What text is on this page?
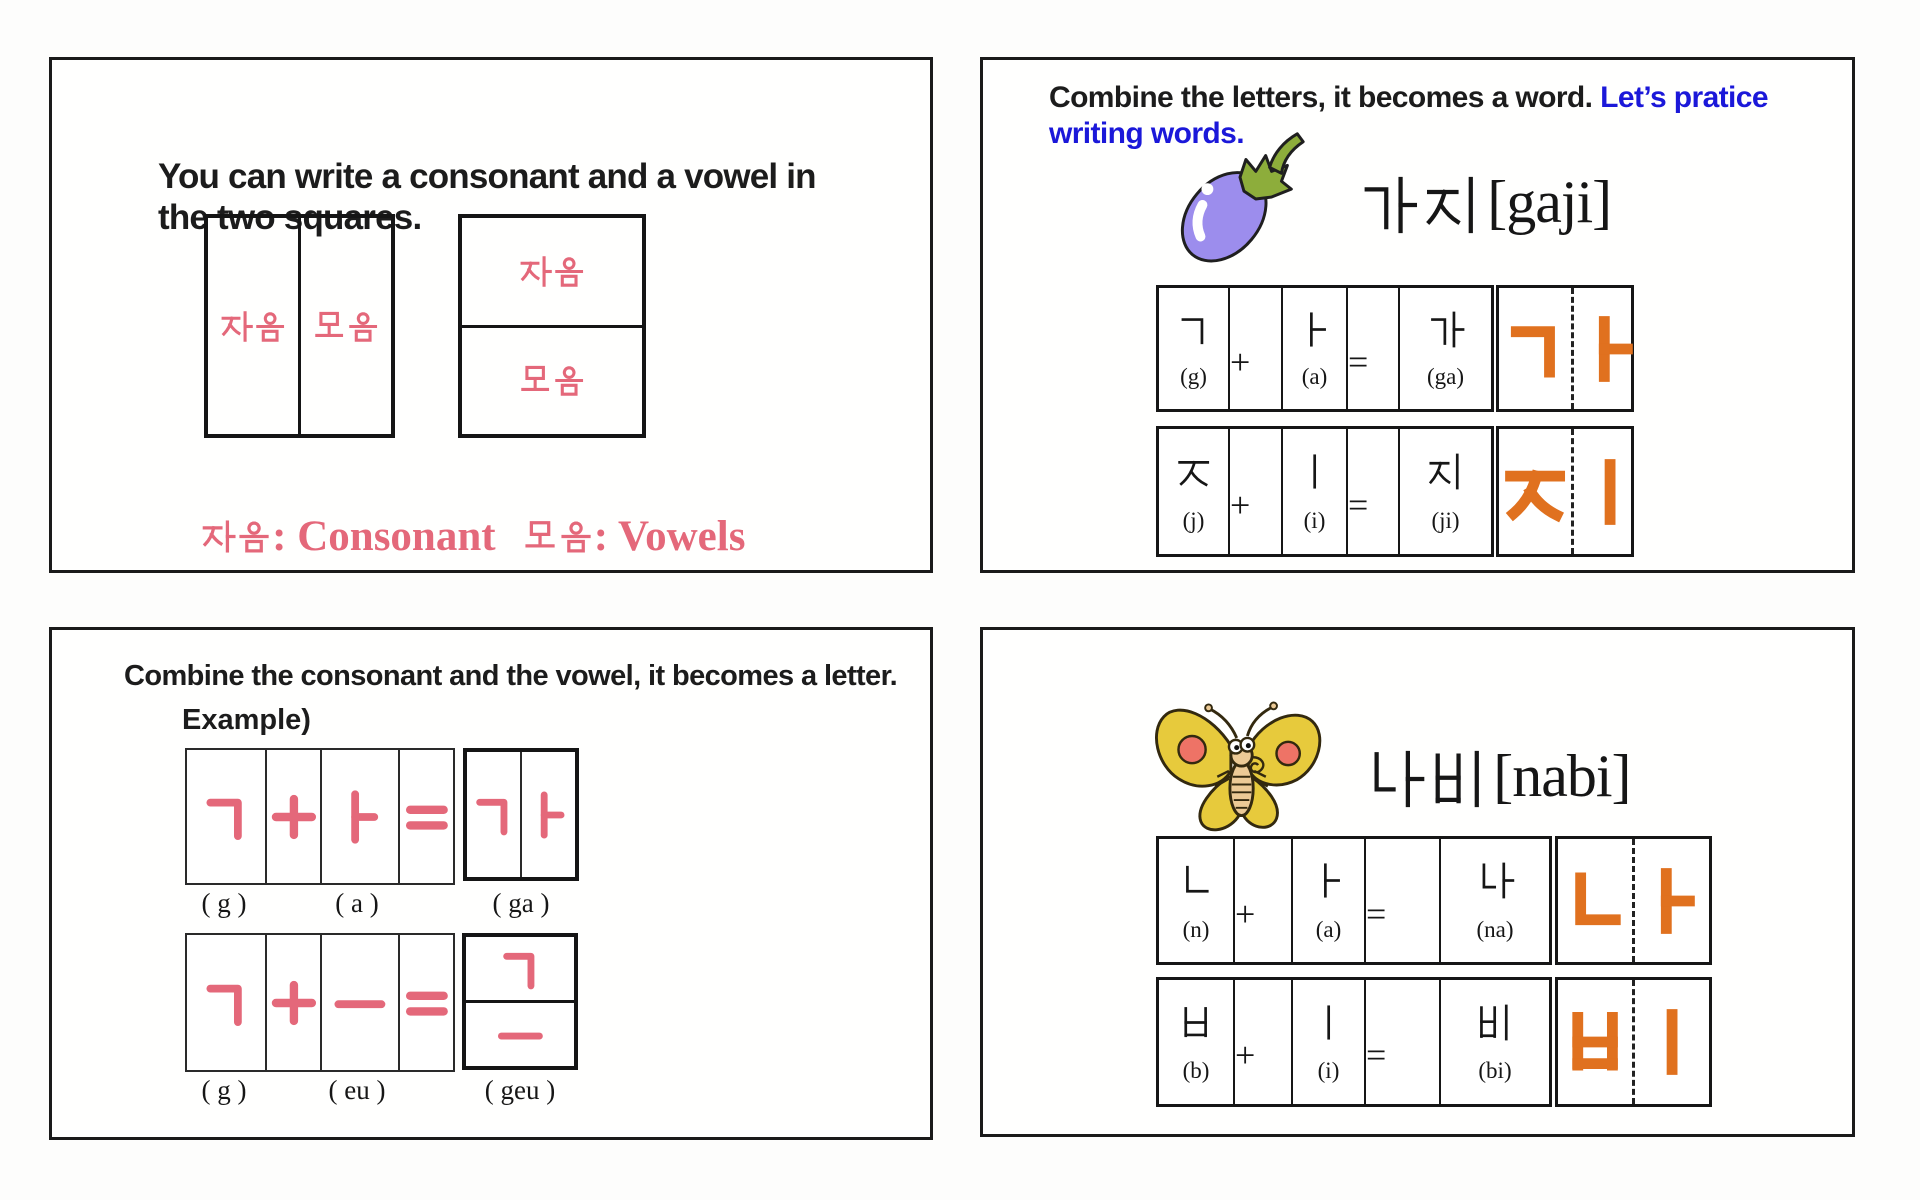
You can write a consonant and a vowel in
the two squares.
: Consonant : Vowels
Combine the letters, it becomes a word. Let’s pratice
writing words.
[gaji]
(g) +	(a) =	(ga)
(j) +	(i) =	(ji)
Combine the consonant and the vowel, it becomes a letter.
Example)
( g )	( a )	( ga )
( g )	( eu )	( geu )
[nabi]
(n) +	(a) =	(na)
(b) +	(i) =	(bi)
